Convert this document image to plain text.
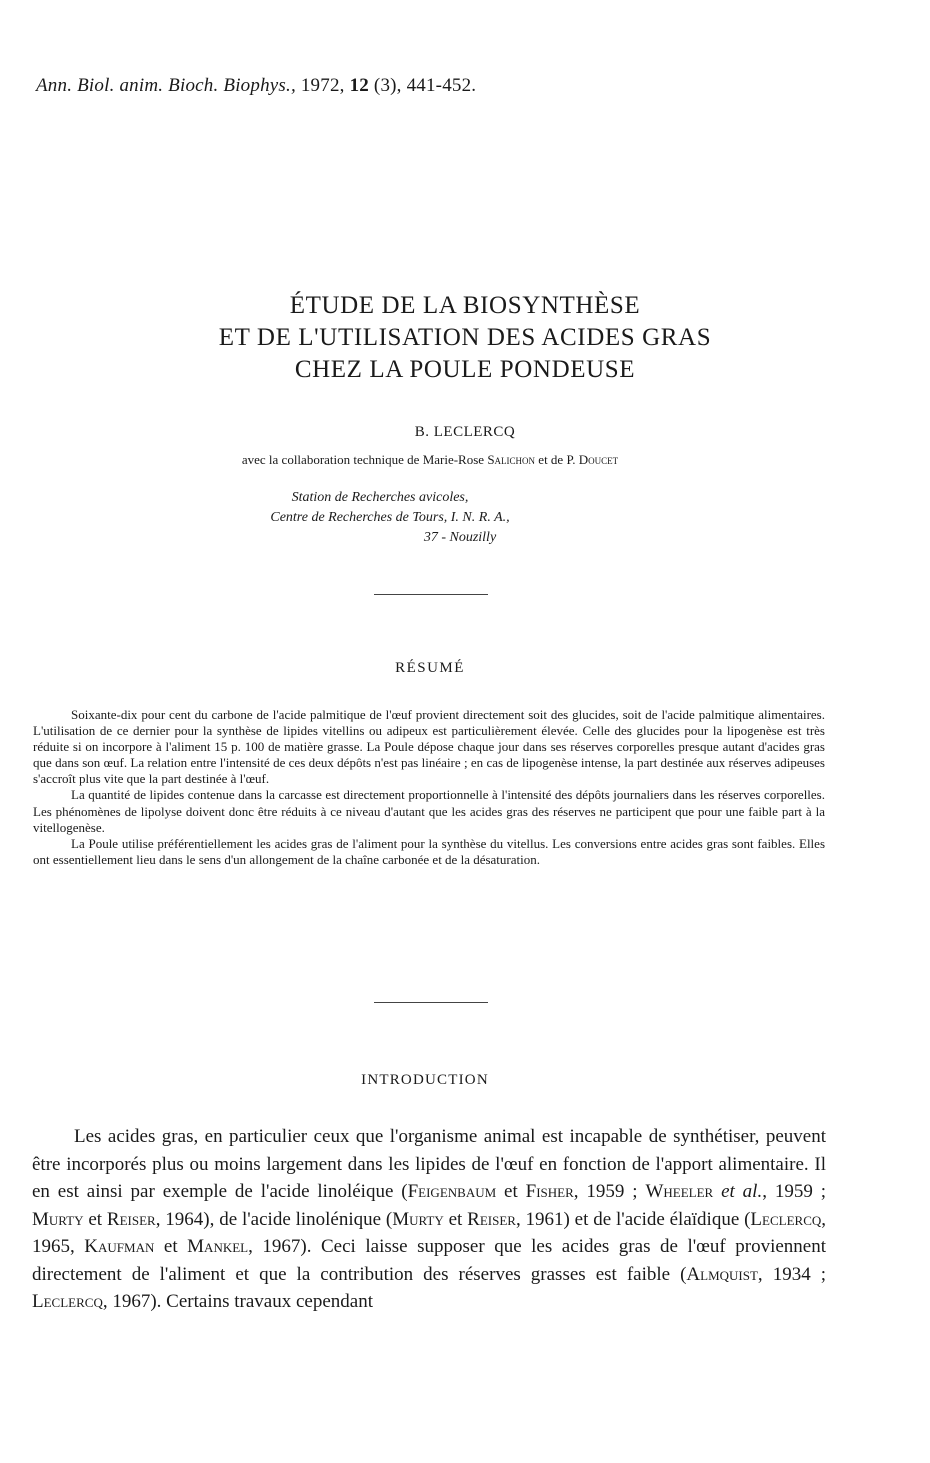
Ann. Biol. anim. Bioch. Biophys., 1972, 12 (3), 441-452.
ÉTUDE DE LA BIOSYNTHÈSE
ET DE L'UTILISATION DES ACIDES GRAS
CHEZ LA POULE PONDEUSE
B. LECLERCQ
avec la collaboration technique de Marie-Rose Salichon et de P. Doucet
Station de Recherches avicoles,
Centre de Recherches de Tours, I. N. R. A.,
37 - Nouzilly
RÉSUMÉ

Soixante-dix pour cent du carbone de l'acide palmitique de l'œuf provient directement soit des glucides, soit de l'acide palmitique alimentaires. L'utilisation de ce dernier pour la synthèse de lipides vitellins ou adipeux est particulièrement élevée. Celle des glucides pour la lipogenèse est très réduite si on incorpore à l'aliment 15 p. 100 de matière grasse. La Poule dépose chaque jour dans ses réserves corporelles presque autant d'acides gras que dans son œuf. La relation entre l'intensité de ces deux dépôts n'est pas linéaire ; en cas de lipogenèse intense, la part destinée aux réserves adipeuses s'accroît plus vite que la part destinée à l'œuf.

La quantité de lipides contenue dans la carcasse est directement proportionnelle à l'intensité des dépôts journaliers dans les réserves corporelles. Les phénomènes de lipolyse doivent donc être réduits à ce niveau d'autant que les acides gras des réserves ne participent que pour une faible part à la vitellogenèse.

La Poule utilise préférentiellement les acides gras de l'aliment pour la synthèse du vitellus. Les conversions entre acides gras sont faibles. Elles ont essentiellement lieu dans le sens d'un allongement de la chaîne carbonée et de la désaturation.

INTRODUCTION

Les acides gras, en particulier ceux que l'organisme animal est incapable de synthétiser, peuvent être incorporés plus ou moins largement dans les lipides de l'œuf en fonction de l'apport alimentaire. Il en est ainsi par exemple de l'acide linoléique (Feigenbaum et Fisher, 1959 ; Wheeler et al., 1959 ; Murty et Reiser, 1964), de l'acide linolénique (Murty et Reiser, 1961) et de l'acide élaïdique (Leclercq, 1965, Kaufman et Mankel, 1967). Ceci laisse supposer que les acides gras de l'œuf proviennent directement de l'aliment et que la contribution des réserves grasses est faible (Almquist, 1934 ; Leclercq, 1967). Certains travaux cependant
